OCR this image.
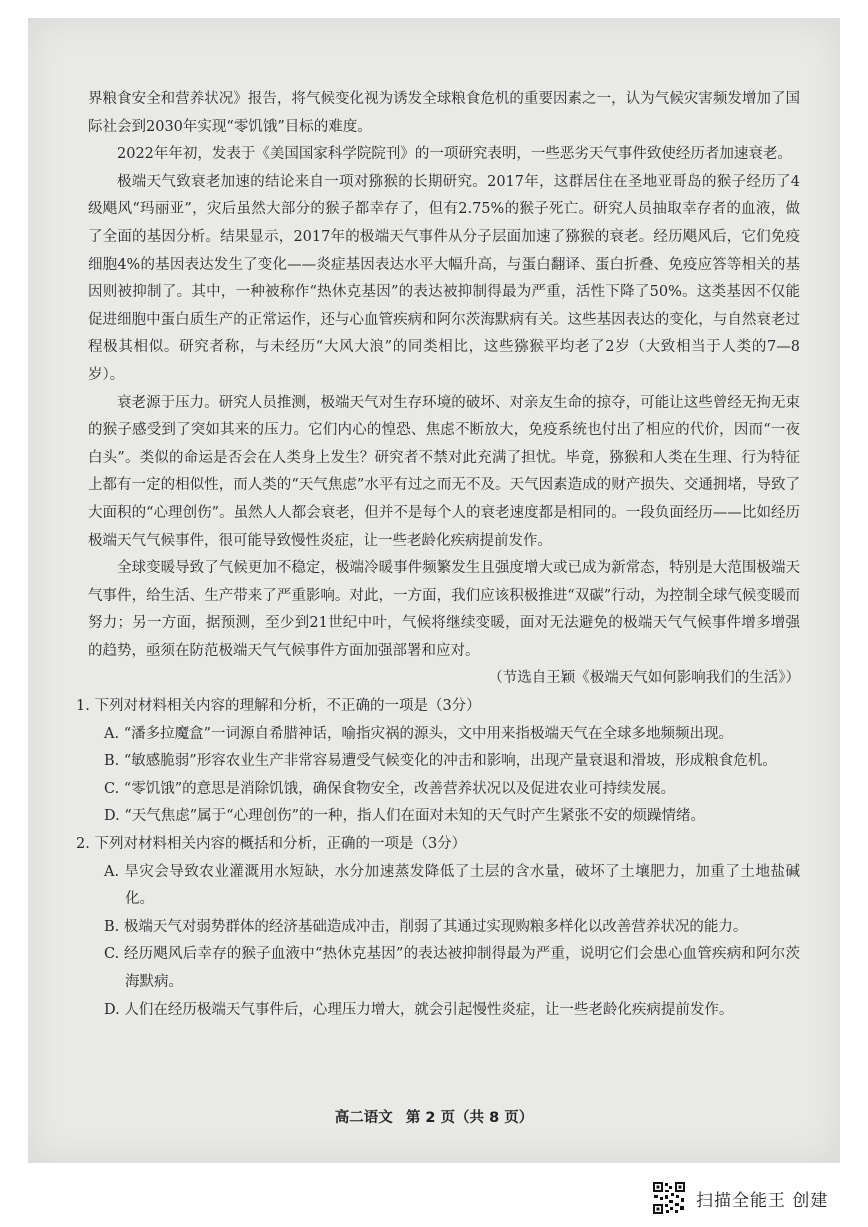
界粮食安全和营养状况》报告，将气候变化视为诱发全球粮食危机的重要因素之一，认为气候灾害频发增加了国际社会到2030年实现“零饥饿”目标的难度。

2022年年初，发表于《美国国家科学院院刊》的一项研究表明，一些恶劣天气事件致使经历者加速衰老。

极端天气致衰老加速的结论来自一项对猕猴的长期研究。2017年，这群居住在圣地亚哥岛的猴子经历了4级飓风“玛丽亚”，灾后虽然大部分的猴子都幸存了，但有2.75%的猴子死亡。研究人员抽取幸存者的血液，做了全面的基因分析。结果显示，2017年的极端天气事件从分子层面加速了猕猴的衰老。经历飓风后，它们免疫细胞4%的基因表达发生了变化——炎症基因表达水平大幅升高，与蛋白翻译、蛋白折叠、免疫应答等相关的基因则被抑制了。其中，一种被称作“热休克基因”的表达被抑制得最为严重，活性下降了50%。这类基因不仅能促进细胞中蛋白质生产的正常运作，还与心血管疾病和阿尔茨海默病有关。这些基因表达的变化，与自然衰老过程极其相似。研究者称，与未经历“大风大浪”的同类相比，这些猕猴平均老了2岁（大致相当于人类的7—8岁）。

衰老源于压力。研究人员推测，极端天气对生存环境的破坏、对亲友生命的掠夺，可能让这些曾经无拘无束的猴子感受到了突如其来的压力。它们内心的惶恐、焦虑不断放大，免疫系统也付出了相应的代价，因而“一夜白头”。类似的命运是否会在人类身上发生？研究者不禁对此充满了担忧。毕竟，猕猴和人类在生理、行为特征上都有一定的相似性，而人类的“天气焦虑”水平有过之而无不及。天气因素造成的财产损失、交通拥堵，导致了大面积的“心理创伤”。虽然人人都会衰老，但并不是每个人的衰老速度都是相同的。一段负面经历——比如经历极端天气气候事件，很可能导致慢性炎症，让一些老龄化疾病提前发作。

全球变暖导致了气候更加不稳定，极端冷暖事件频繁发生且强度增大或已成为新常态，特别是大范围极端天气事件，给生活、生产带来了严重影响。对此，一方面，我们应该积极推进“双碳”行动，为控制全球气候变暖而努力；另一方面，据预测，至少到21世纪中叶，气候将继续变暖，面对无法避免的极端天气气候事件增多增强的趋势，亟须在防范极端天气气候事件方面加强部署和应对。

（节选自王颖《极端天气如何影响我们的生活》）

1. 下列对材料相关内容的理解和分析，不正确的一项是（3分）

A. “潘多拉魔盒”一词源自希腊神话，喻指灾祸的源头，文中用来指极端天气在全球多地频频出现。

B. “敏感脆弱”形容农业生产非常容易遭受气候变化的冲击和影响，出现产量衰退和滑坡，形成粮食危机。

C. “零饥饿”的意思是消除饥饿，确保食物安全，改善营养状况以及促进农业可持续发展。

D. “天气焦虑”属于“心理创伤”的一种，指人们在面对未知的天气时产生紧张不安的烦躁情绪。

2. 下列对材料相关内容的概括和分析，正确的一项是（3分）

A. 旱灾会导致农业灌溉用水短缺，水分加速蒸发降低了土层的含水量，破坏了土壤肥力，加重了土地盐碱化。

B. 极端天气对弱势群体的经济基础造成冲击，削弱了其通过实现购粮多样化以改善营养状况的能力。

C. 经历飓风后幸存的猴子血液中“热休克基因”的表达被抑制得最为严重，说明它们会患心血管疾病和阿尔茨海默病。

D. 人们在经历极端天气事件后，心理压力增大，就会引起慢性炎症，让一些老龄化疾病提前发作。

高二语文 第 2 页（共 8 页）
扫描全能王 创建
